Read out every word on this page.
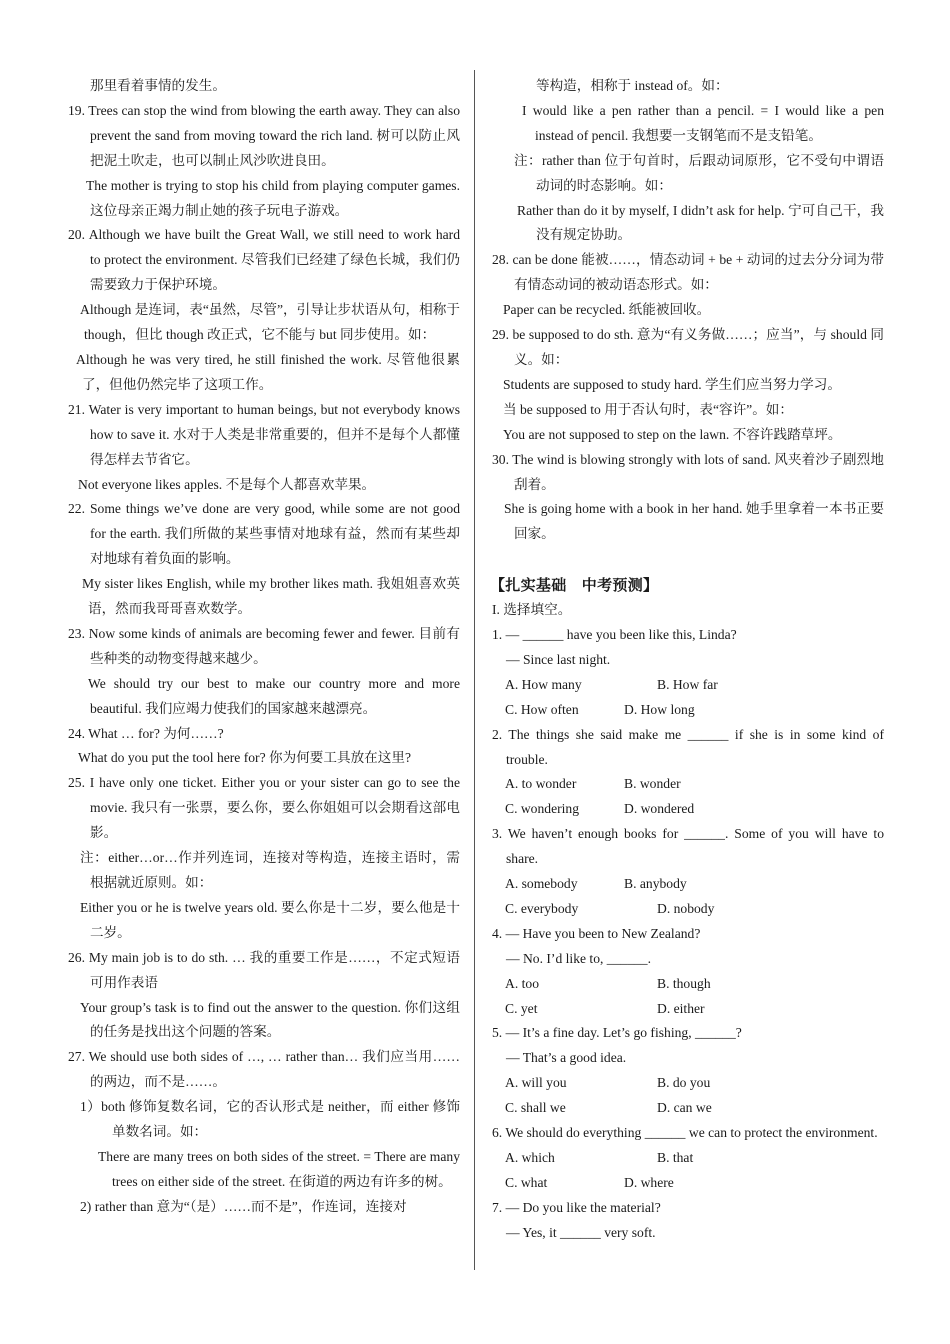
那里看着事情的发生。
19. Trees can stop the wind from blowing the earth away. They can also prevent the sand from moving toward the rich land. 树可以防止风把泥土吹走，也可以制止风沙吹进良田。
The mother is trying to stop his child from playing computer games. 这位母亲正竭力制止她的孩子玩电子游戏。
20. Although we have built the Great Wall, we still need to work hard to protect the environment. 尽管我们已经建了绿色长城，我们仍需要致力于保护环境。
Although 是连词，表“虽然，尽管”，引导让步状语从句，相称于 though，但比 though 改正式，它不能与 but 同步使用。如：
Although he was very tired, he still finished the work. 尽管他很累了，但他仍然完毕了这项工作。
21. Water is very important to human beings, but not everybody knows how to save it. 水对于人类是非常重要的，但并不是每个人都懂得怎样去节省它。
Not everyone likes apples. 不是每个人都喜欢苹果。
22. Some things we’ve done are very good, while some are not good for the earth. 我们所做的某些事情对地球有益，然而有某些却对地球有着负面的影响。
My sister likes English, while my brother likes math. 我姐姐喜欢英语，然而我哥哥喜欢数学。
23. Now some kinds of animals are becoming fewer and fewer. 目前有些种类的动物变得越来越少。
We should try our best to make our country more and more beautiful. 我们应竭力使我们的国家越来越漂亮。
24. What … for? 为何……?
What do you put the tool here for? 你为何要工具放在这里?
25. I have only one ticket. Either you or your sister can go to see the movie. 我只有一张票，要么你，要么你姐姐可以会期看这部电影。
注：either…or…作并列连词，连接对等构造，连接主语时，需根据就近原则。如：
Either you or he is twelve years old. 要么你是十二岁，要么他是十二岁。
26. My main job is to do sth. … 我的重要工作是……，不定式短语可用作表语
Your group’s task is to find out the answer to the question. 你们这组的任务是找出这个问题的答案。
27. We should use both sides of …, … rather than… 我们应当用……的两边，而不是……。
1）both 修饰复数名词，它的否认形式是 neither，而 either 修饰单数名词。如：
There are many trees on both sides of the street. = There are many trees on either side of the street. 在街道的两边有许多的树。
2) rather than 意为“（是）……而不是”，作连词，连接对
等构造，相称于 instead of。如：
I would like a pen rather than a pencil. = I would like a pen instead of pencil. 我想要一支钢笔而不是支铅笔。
注：rather than 位于句首时，后跟动词原形，它不受句中谓语动词的时态影响。如：
Rather than do it by myself, I didn’t ask for help. 宁可自己干，我没有规定协助。
28. can be done 能被……，情态动词 + be + 动词的过去分分词为带有情态动词的被动语态形式。如：
Paper can be recycled. 纸能被回收。
29. be supposed to do sth. 意为“有义务做……；应当”，与 should 同义。如：
Students are supposed to study hard. 学生们应当努力学习。
当 be supposed to 用于否认句时，表“容许”。如：
You are not supposed to step on the lawn. 不容许践踏草坪。
30. The wind is blowing strongly with lots of sand. 风夹着沙子剧烈地刮着。
She is going home with a book in her hand. 她手里拿着一本书正要回家。
【扎实基础　中考预测】
I. 选择填空。
1. — ______ have you been like this, Linda?
— Since last night.
A. How many	B. How far
C. How often	D. How long
2. The things she said make me ______ if she is in some kind of trouble.
A. to wonder	B. wonder
C. wondering	D. wondered
3. We haven’t enough books for ______. Some of you will have to share.
A. somebody	B. anybody
C. everybody	D. nobody
4. — Have you been to New Zealand?
— No. I’d like to, ______.
A. too	B. though
C. yet	D. either
5. — It’s a fine day. Let’s go fishing, ______?
— That’s a good idea.
A. will you	B. do you
C. shall we	D. can we
6. We should do everything ______ we can to protect the environment.
A. which	B. that
C. what	D. where
7. — Do you like the material?
— Yes, it ______ very soft.
